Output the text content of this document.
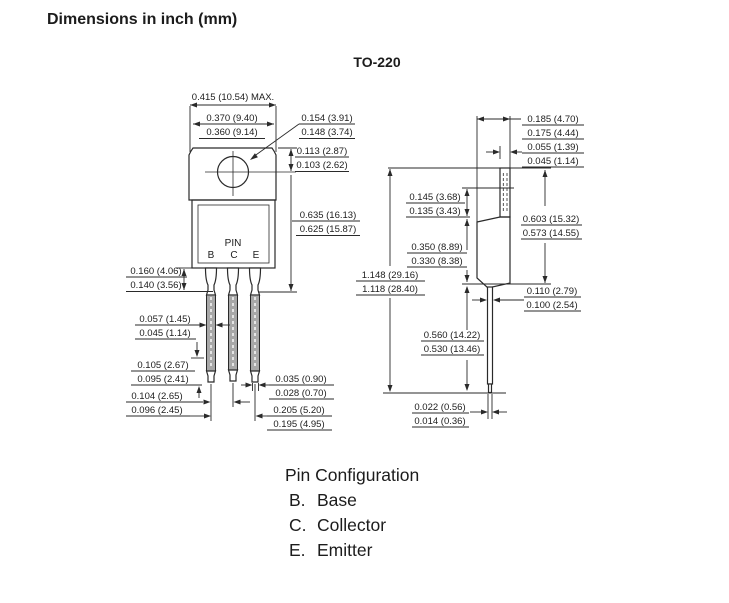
Dimensions in inch (mm)
TO-220
PIN
B C E
0.415 (10.54) MAX.
0.370 (9.40)
0.360 (9.14)
0.154 (3.91)
0.148 (3.74)
0.113 (2.87)
0.103 (2.62)
0.635 (16.13)
0.625 (15.87)
0.160 (4.06)
0.140 (3.56)
0.057 (1.45)
0.045 (1.14)
0.105 (2.67)
0.095 (2.41)
0.104 (2.65)
0.096 (2.45)
0.035 (0.90)
0.028 (0.70)
0.205 (5.20)
0.195 (4.95)
0.185 (4.70)
0.175 (4.44)
0.055 (1.39)
0.045 (1.14)
0.145 (3.68)
0.135 (3.43)
0.603 (15.32)
0.573 (14.55)
0.350 (8.89)
0.330 (8.38)
1.148 (29.16)
1.118 (28.40)	0.110 (2.79)
0.100 (2.54)
0.560 (14.22)
0.530 (13.46)
0.022 (0.56)
0.014 (0.36)
Pin Configuration
B. Base
C. Collector
E. Emitter
